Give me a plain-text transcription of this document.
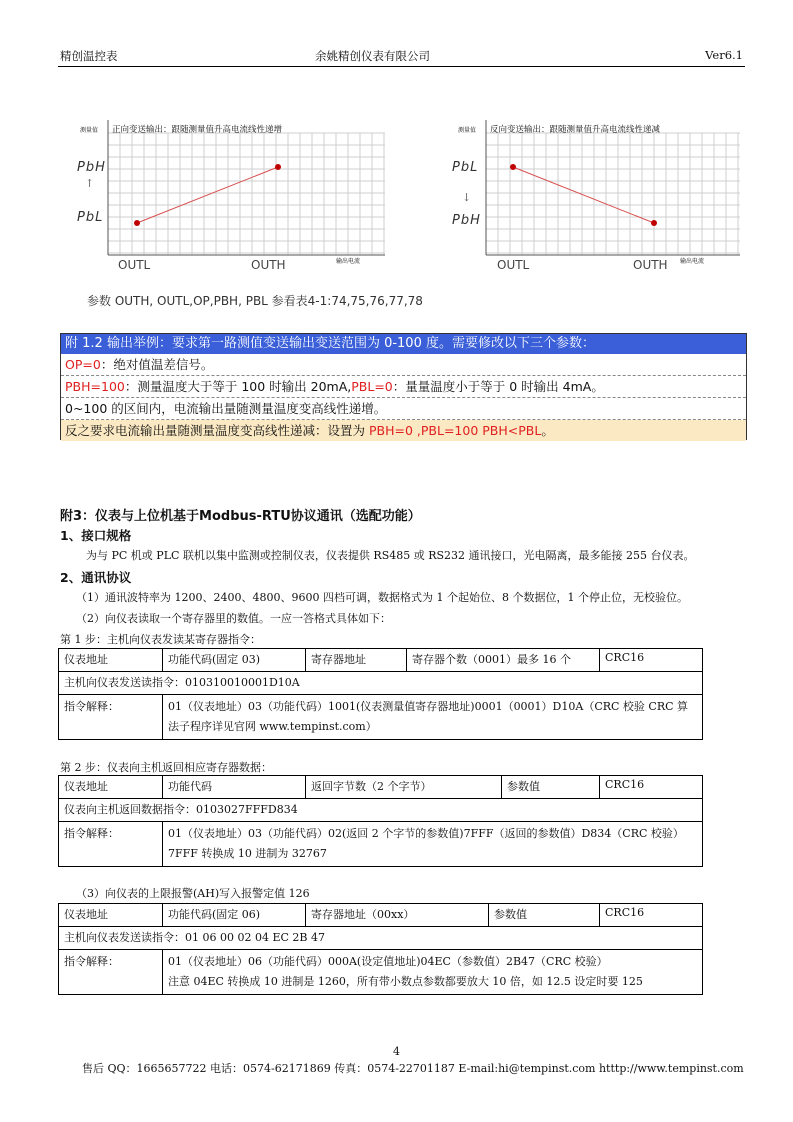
精创温控表	余姚精创仪表有限公司	Ver6.1
测量值 正向变送输出：跟随测量值升高电流线性递增
PbH
↑
PbL
OUTL	OUTH	输出电流
测量值 反向变送输出：跟随测量值升高电流线性递减
PbL
↓
PbH
OUTL	OUTH 输出电流
参数 OUTH, OUTL,OP,PBH, PBL 参看表4-1:74,75,76,77,78
附 1.2 输出举例：要求第一路测值变送输出变送范围为 0-100 度。需要修改以下三个参数：
OP=0：绝对值温差信号。
PBH=100：测量温度大于等于 100 时输出 20mA,PBL=0：量量温度小于等于 0 时输出 4mA。
0~100 的区间内，电流输出量随测量温度变高线性递增。
反之要求电流输出量随测量温度变高线性递减：设置为 PBH=0 ,PBL=100 PBH<PBL。
附3：仪表与上位机基于Modbus-RTU协议通讯（选配功能）
1、接口规格
为与 PC 机或 PLC 联机以集中监测或控制仪表，仪表提供 RS485 或 RS232 通讯接口，光电隔离，最多能接 255 台仪表。
2、通讯协议
（1）通讯波特率为 1200、2400、4800、9600 四档可调，数据格式为 1 个起始位、8 个数据位，1 个停止位，无校验位。
（2）向仪表读取一个寄存器里的数值。一应一答格式具体如下：
第 1 步：主机向仪表发读某寄存器指令：
仪表地址	功能代码(固定 03)	寄存器地址	寄存器个数（0001）最多 16 个	CRC16
主机向仪表发送读指令：010310010001D10A				
指令解释：	01（仪表地址）03（功能代码）1001(仪表测量值寄存器地址)0001（0001）D10A（CRC 校验 CRC 算法子程序详见官网 www.tempinst.com）			
第 2 步：仪表向主机返回相应寄存器数据：
仪表地址	功能代码	返回字节数（2 个字节）	参数值	CRC16
仪表向主机返回数据指令：0103027FFFD834				
指令解释：	01（仪表地址）03（功能代码）02(返回 2 个字节的参数值)7FFF（返回的参数值）D834（CRC 校验）
7FFF 转换成 10 进制为 32767			
（3）向仪表的上限报警(AH)写入报警定值 126
仪表地址	功能代码(固定 06)	寄存器地址（00xx）	参数值	CRC16
主机向仪表发送读指令：01 06 00 02 04 EC 2B 47				
指令解释：	01（仪表地址）06（功能代码）000A(设定值地址)04EC（参数值）2B47（CRC 校验）
注意 04EC 转换成 10 进制是 1260，所有带小数点参数都要放大 10 倍，如 12.5 设定时要 125			
4
售后 QQ：1665657722 电话：0574-62171869 传真：0574-22701187 E-mail:hi@tempinst.com htttp://www.tempinst.com
